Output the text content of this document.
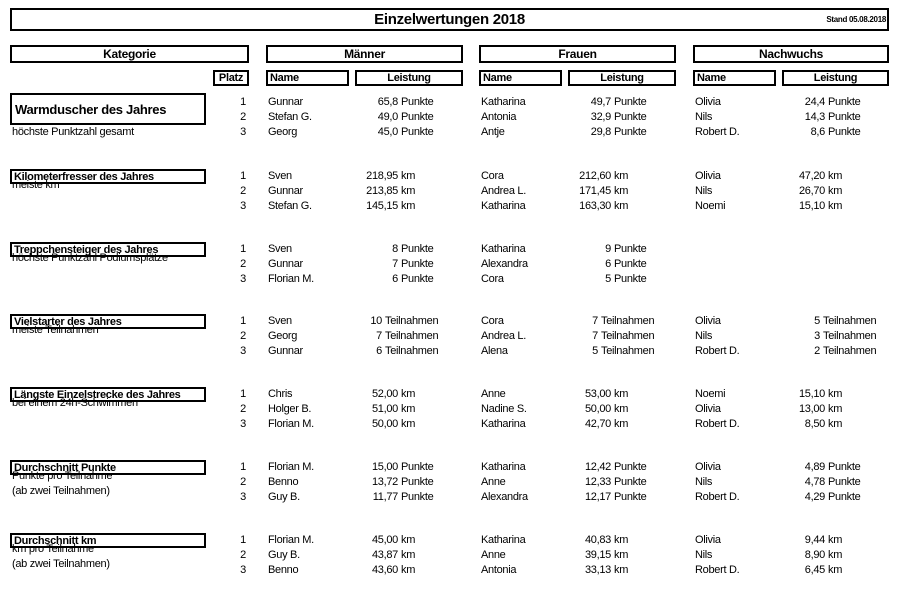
Einzelwertungen 2018	Stand 05.08.2018
Kategorie	Männer	Frauen	Nachwuchs
Platz	Name	Leistung	Name	Leistung	Name	Leistung
Warmduscher des Jahres
höchste Punktzahl gesamt
1 Gunnar	65,8 Punkte	Katharina	49,7 Punkte	Olivia	24,4 Punkte
2 Stefan G.	49,0 Punkte	Antonia	32,9 Punkte	Nils	14,3 Punkte
3 Georg	45,0 Punkte	Antje	29,8 Punkte	Robert D.	8,6 Punkte
Kilometerfresser des Jahres
meiste km
1 Sven	218,95 km	Cora	212,60 km	Olivia	47,20 km
2 Gunnar	213,85 km	Andrea L.	171,45 km	Nils	26,70 km
3 Stefan G.	145,15 km	Katharina	163,30 km	Noemi	15,10 km
Treppchensteiger des Jahres
höchste Punktzahl Podiumsplätze
1 Sven	8 Punkte	Katharina	9 Punkte
2 Gunnar	7 Punkte	Alexandra	6 Punkte
3 Florian M.	6 Punkte	Cora	5 Punkte
Vielstarter des Jahres
meiste Teilnahmen
1 Sven	10 Teilnahmen	Cora	7 Teilnahmen	Olivia	5 Teilnahmen
2 Georg	7 Teilnahmen	Andrea L.	7 Teilnahmen	Nils	3 Teilnahmen
3 Gunnar	6 Teilnahmen	Alena	5 Teilnahmen	Robert D.	2 Teilnahmen
Längste Einzelstrecke des Jahres
bei einem 24h-Schwimmen
1 Chris	52,00 km	Anne	53,00 km	Noemi	15,10 km
2 Holger B.	51,00 km	Nadine S.	50,00 km	Olivia	13,00 km
3 Florian M.	50,00 km	Katharina	42,70 km	Robert D.	8,50 km
Durchschnitt Punkte
Punkte pro Teilnahme
(ab zwei Teilnahmen)
1 Florian M.	15,00 Punkte	Katharina	12,42 Punkte	Olivia	4,89 Punkte
2 Benno	13,72 Punkte	Anne	12,33 Punkte	Nils	4,78 Punkte
3 Guy B.	11,77 Punkte	Alexandra	12,17 Punkte	Robert D.	4,29 Punkte
Durchschnitt km
km pro Teilnahme
(ab zwei Teilnahmen)
1 Florian M.	45,00 km	Katharina	40,83 km	Olivia	9,44 km
2 Guy B.	43,87 km	Anne	39,15 km	Nils	8,90 km
3 Benno	43,60 km	Antonia	33,13 km	Robert D.	6,45 km
